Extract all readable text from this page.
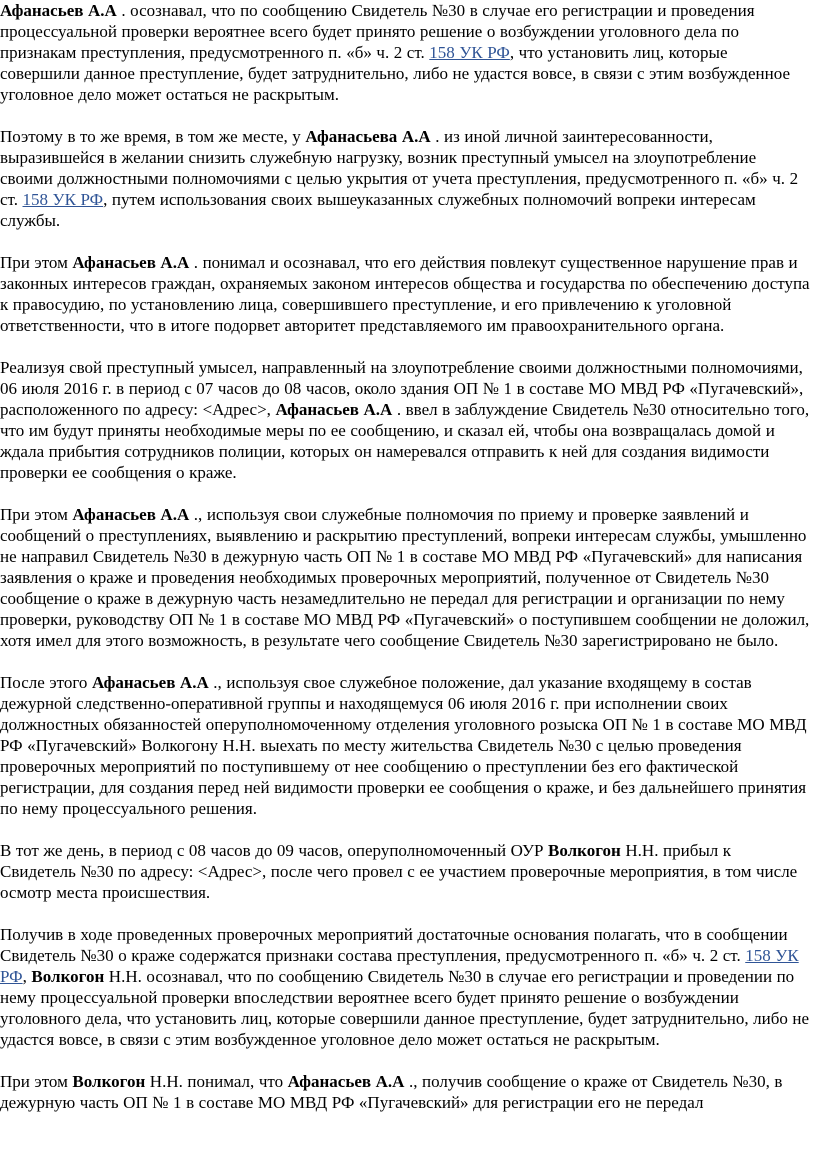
Афанасьев А.А . осознавал, что по сообщению Свидетель №30 в случае его регистрации и проведения процессуальной проверки вероятнее всего будет принято решение о возбуждении уголовного дела по признакам преступления, предусмотренного п. «б» ч. 2 ст. 158 УК РФ, что установить лиц, которые совершили данное преступление, будет затруднительно, либо не удастся вовсе, в связи с этим возбужденное уголовное дело может остаться не раскрытым.

Поэтому в то же время, в том же месте, у Афанасьева А.А . из иной личной заинтересованности, выразившейся в желании снизить служебную нагрузку, возник преступный умысел на злоупотребление своими должностными полномочиями с целью укрытия от учета преступления, предусмотренного п. «б» ч. 2 ст. 158 УК РФ, путем использования своих вышеуказанных служебных полномочий вопреки интересам службы.

При этом Афанасьев А.А . понимал и осознавал, что его действия повлекут существенное нарушение прав и законных интересов граждан, охраняемых законом интересов общества и государства по обеспечению доступа к правосудию, по установлению лица, совершившего преступление, и его привлечению к уголовной ответственности, что в итоге подорвет авторитет представляемого им правоохранительного органа.

Реализуя свой преступный умысел, направленный на злоупотребление своими должностными полномочиями, 06 июля 2016 г. в период с 07 часов до 08 часов, около здания ОП № 1 в составе МО МВД РФ «Пугачевский», расположенного по адресу: <Адрес>, Афанасьев А.А . ввел в заблуждение Свидетель №30 относительно того, что им будут приняты необходимые меры по ее сообщению, и сказал ей, чтобы она возвращалась домой и ждала прибытия сотрудников полиции, которых он намеревался отправить к ней для создания видимости проверки ее сообщения о краже.

При этом Афанасьев А.А ., используя свои служебные полномочия по приему и проверке заявлений и сообщений о преступлениях, выявлению и раскрытию преступлений, вопреки интересам службы, умышленно не направил Свидетель №30 в дежурную часть ОП № 1 в составе МО МВД РФ «Пугачевский» для написания заявления о краже и проведения необходимых проверочных мероприятий, полученное от Свидетель №30 сообщение о краже в дежурную часть незамедлительно не передал для регистрации и организации по нему проверки, руководству ОП № 1 в составе МО МВД РФ «Пугачевский» о поступившем сообщении не доложил, хотя имел для этого возможность, в результате чего сообщение Свидетель №30 зарегистрировано не было.

После этого Афанасьев А.А ., используя свое служебное положение, дал указание входящему в состав дежурной следственно-оперативной группы и находящемуся 06 июля 2016 г. при исполнении своих должностных обязанностей оперуполномоченному отделения уголовного розыска ОП № 1 в составе МО МВД РФ «Пугачевский» Волкогону Н.Н. выехать по месту жительства Свидетель №30 с целью проведения проверочных мероприятий по поступившему от нее сообщению о преступлении без его фактической регистрации, для создания перед ней видимости проверки ее сообщения о краже, и без дальнейшего принятия по нему процессуального решения.

В тот же день, в период с 08 часов до 09 часов, оперуполномоченный ОУР Волкогон Н.Н. прибыл к Свидетель №30 по адресу: <Адрес>, после чего провел с ее участием проверочные мероприятия, в том числе осмотр места происшествия.

Получив в ходе проведенных проверочных мероприятий достаточные основания полагать, что в сообщении Свидетель №30 о краже содержатся признаки состава преступления, предусмотренного п. «б» ч. 2 ст. 158 УК РФ, Волкогон Н.Н. осознавал, что по сообщению Свидетель №30 в случае его регистрации и проведении по нему процессуальной проверки впоследствии вероятнее всего будет принято решение о возбуждении уголовного дела, что установить лиц, которые совершили данное преступление, будет затруднительно, либо не удастся вовсе, в связи с этим возбужденное уголовное дело может остаться не раскрытым.

При этом Волкогон Н.Н. понимал, что Афанасьев А.А ., получив сообщение о краже от Свидетель №30, в дежурную часть ОП № 1 в составе МО МВД РФ «Пугачевский» для регистрации его не передал
